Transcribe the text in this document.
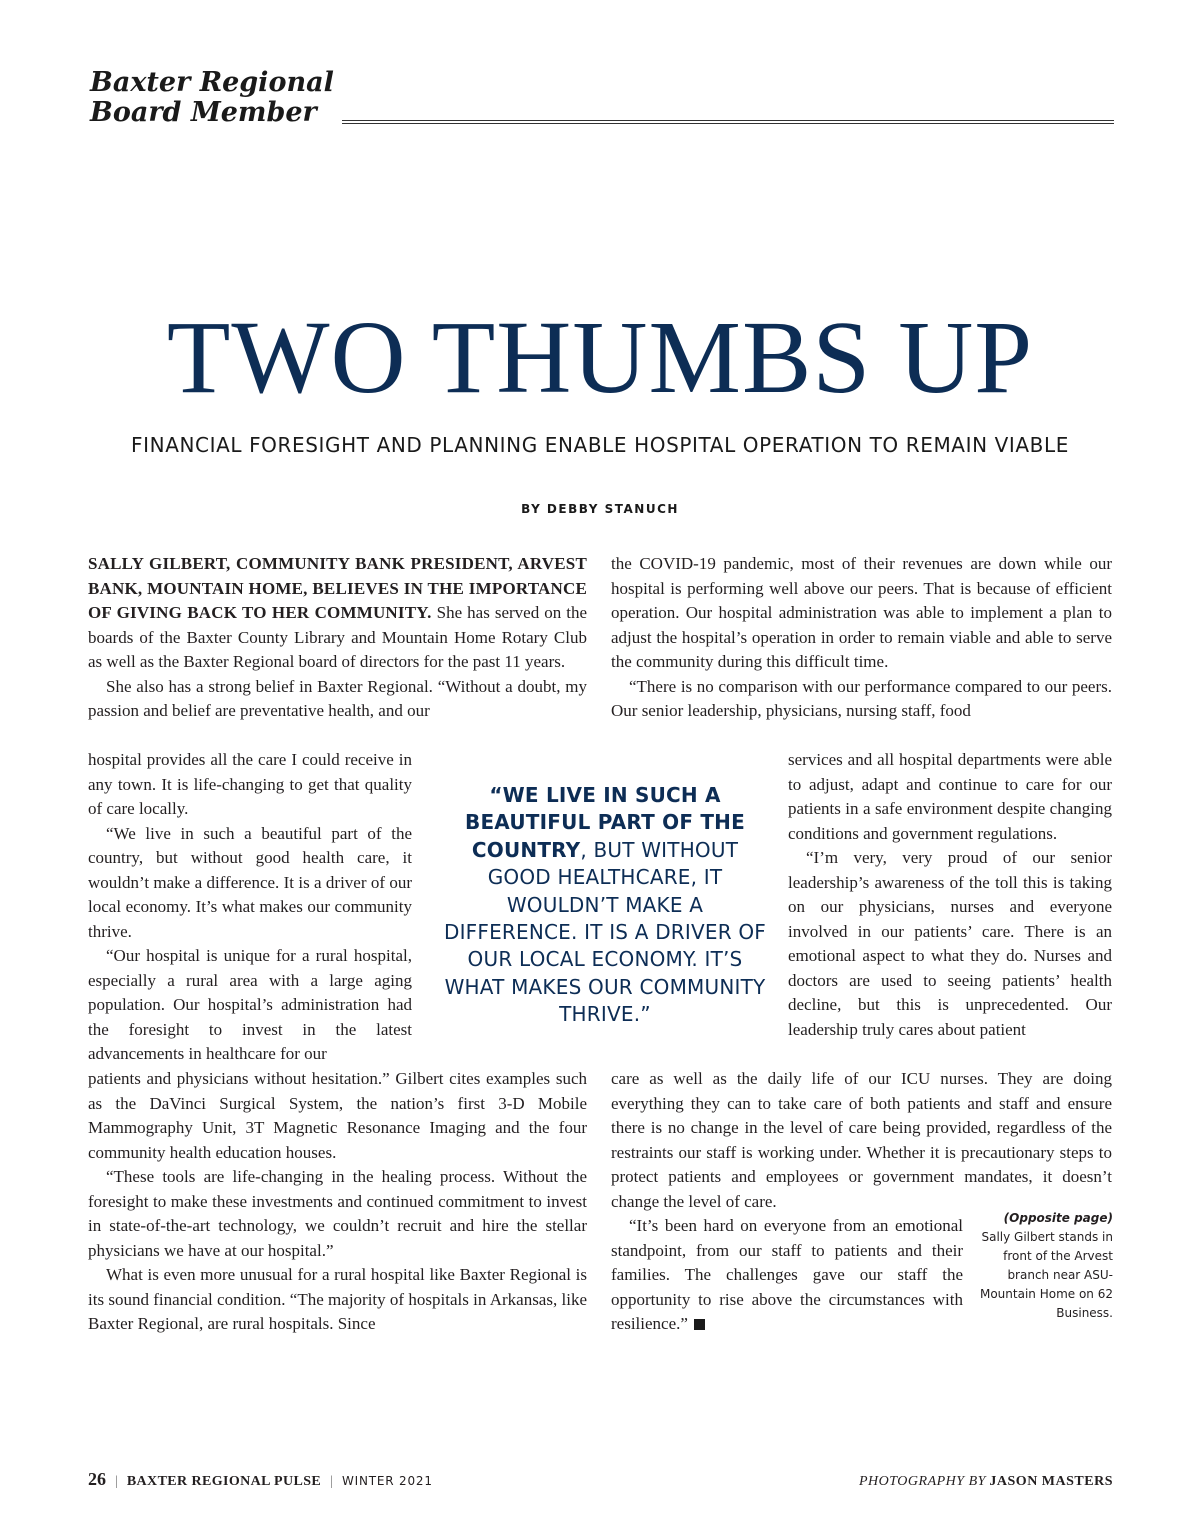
Baxter Regional
Board Member
TWO THUMBS UP
FINANCIAL FORESIGHT AND PLANNING ENABLE HOSPITAL OPERATION TO REMAIN VIABLE
BY DEBBY STANUCH

SALLY GILBERT, COMMUNITY BANK PRESIDENT, ARVEST BANK, MOUNTAIN HOME, BELIEVES IN THE IMPORTANCE OF GIVING BACK TO HER COMMUNITY. She has served on the boards of the Baxter County Library and Mountain Home Rotary Club as well as the Baxter Regional board of directors for the past 11 years.

She also has a strong belief in Baxter Regional. “Without a doubt, my passion and belief are preventative health, and our

hospital provides all the care I could receive in any town. It is life-changing to get that quality of care locally.

“We live in such a beautiful part of the country, but without good health care, it wouldn’t make a difference. It is a driver of our local economy. It’s what makes our community thrive.

“Our hospital is unique for a rural hospital, especially a rural area with a large aging population. Our hospital’s administration had the foresight to invest in the latest advancements in healthcare for our

patients and physicians without hesitation.” Gilbert cites examples such as the DaVinci Surgical System, the nation’s first 3-D Mobile Mammography Unit, 3T Magnetic Resonance Imaging and the four community health education houses.

“These tools are life-changing in the healing process. Without the foresight to make these investments and continued commitment to invest in state-of-the-art technology, we couldn’t recruit and hire the stellar physicians we have at our hospital.”

What is even more unusual for a rural hospital like Baxter Regional is its sound financial condition. “The majority of hospitals in Arkansas, like Baxter Regional, are rural hospitals. Since

the COVID-19 pandemic, most of their revenues are down while our hospital is performing well above our peers. That is because of efficient operation. Our hospital administration was able to implement a plan to adjust the hospital’s operation in order to remain viable and able to serve the community during this difficult time.

“There is no comparison with our performance compared to our peers. Our senior leadership, physicians, nursing staff, food

services and all hospital departments were able to adjust, adapt and continue to care for our patients in a safe environment despite changing conditions and government regulations.

“I’m very, very proud of our senior leadership’s awareness of the toll this is taking on our physicians, nurses and everyone involved in our patients’ care. There is an emotional aspect to what they do. Nurses and doctors are used to seeing patients’ health decline, but this is unprecedented. Our leadership truly cares about patient

care as well as the daily life of our ICU nurses. They are doing everything they can to take care of both patients and staff and ensure there is no change in the level of care being provided, regardless of the restraints our staff is working under. Whether it is precautionary steps to protect patients and employees or government mandates, it doesn’t change the level of care.

“It’s been hard on everyone from an emotional standpoint, from our staff to patients and their families. The challenges gave our staff the opportunity to rise above the circumstances with resilience.”

“WE LIVE IN SUCH A BEAUTIFUL PART OF THE COUNTRY, BUT WITHOUT GOOD HEALTHCARE, IT WOULDN’T MAKE A DIFFERENCE. IT IS A DRIVER OF OUR LOCAL ECONOMY. IT’S WHAT MAKES OUR COMMUNITY THRIVE.”
(Opposite page)
Sally Gilbert stands in front of the Arvest branch near ASU-Mountain Home on 62 Business.
26 | BAXTER REGIONAL PULSE | WINTER 2021	PHOTOGRAPHY BY JASON MASTERS
